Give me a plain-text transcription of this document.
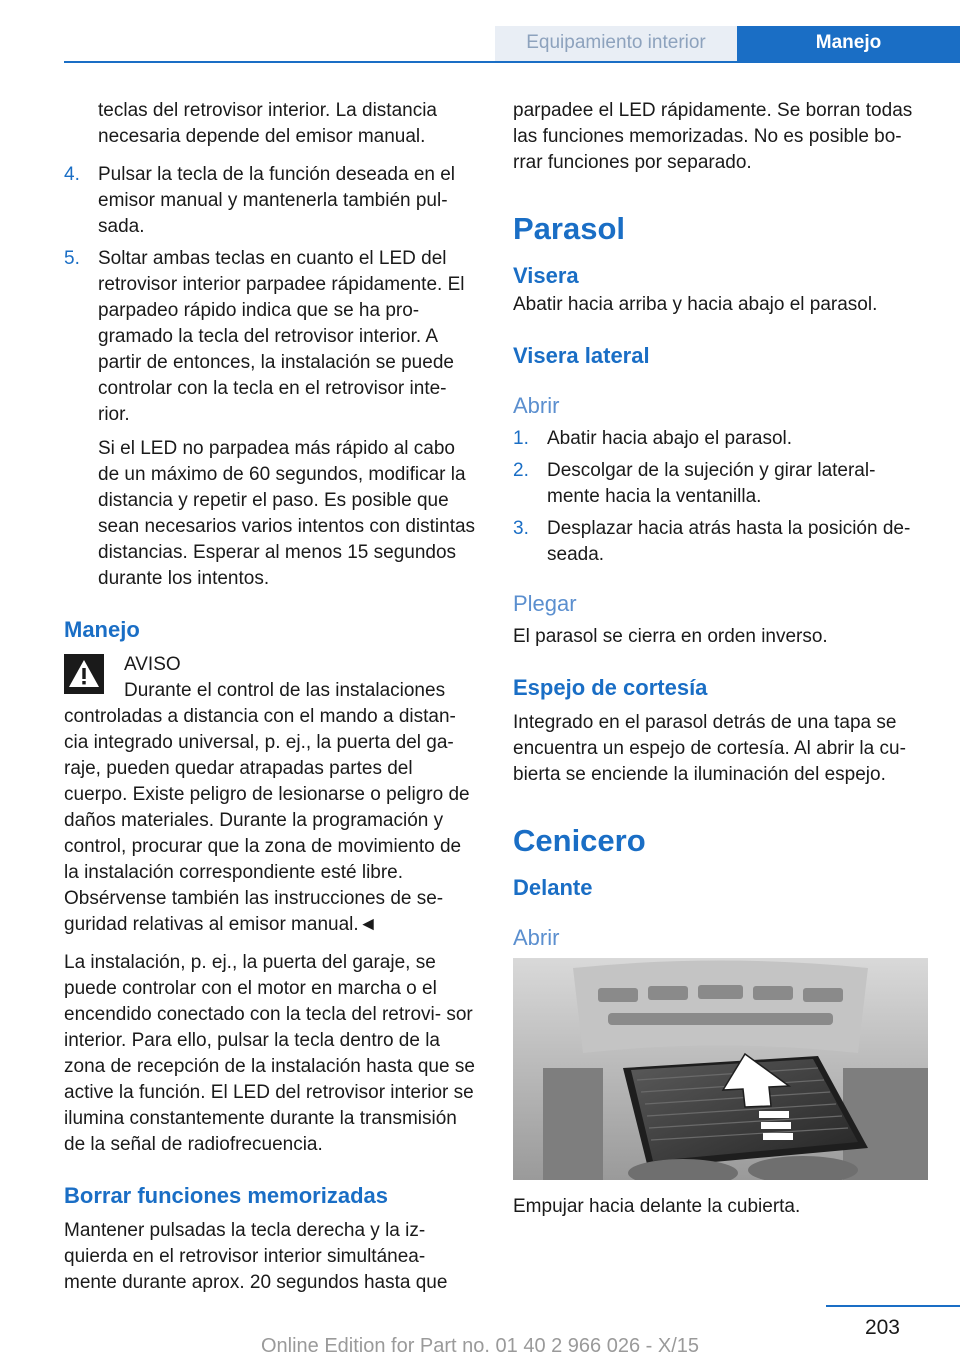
Equipamiento interior	Manejo

teclas del retrovisor interior. La distancia necesaria depende del emisor manual.

4. Pulsar la tecla de la función deseada en el emisor manual y mantenerla también pul- sada.
5. Soltar ambas teclas en cuanto el LED del retrovisor interior parpadee rápidamente. El parpadeo rápido indica que se ha pro- gramado la tecla del retrovisor interior. A partir de entonces, la instalación se puede controlar con la tecla en el retrovisor inte- rior.

Si el LED no parpadea más rápido al cabo de un máximo de 60 segundos, modificar la distancia y repetir el paso. Es posible que sean necesarios varios intentos con distintas distancias. Esperar al menos 15 segundos durante los intentos.

Manejo
AVISO
Durante el control de las instalaciones

controladas a distancia con el mando a distan- cia integrado universal, p. ej., la puerta del ga- raje, pueden quedar atrapadas partes del cuerpo. Existe peligro de lesionarse o peligro de daños materiales. Durante la programación y control, procurar que la zona de movimiento de la instalación correspondiente esté libre. Obsérvense también las instrucciones de se- guridad relativas al emisor manual.◄

La instalación, p. ej., la puerta del garaje, se puede controlar con el motor en marcha o el encendido conectado con la tecla del retrovi- sor interior. Para ello, pulsar la tecla dentro de la zona de recepción de la instalación hasta que se active la función. El LED del retrovisor interior se ilumina constantemente durante la transmisión de la señal de radiofrecuencia.

Borrar funciones memorizadas

Mantener pulsadas la tecla derecha y la iz- quierda en el retrovisor interior simultánea- mente durante aprox. 20 segundos hasta que

parpadee el LED rápidamente. Se borran todas las funciones memorizadas. No es posible bo- rrar funciones por separado.

Parasol
Visera

Abatir hacia arriba y hacia abajo el parasol.

Visera lateral
Abrir
1. Abatir hacia abajo el parasol.
2. Descolgar de la sujeción y girar lateral- mente hacia la ventanilla.
3. Desplazar hacia atrás hasta la posición de- seada.
Plegar

El parasol se cierra en orden inverso.

Espejo de cortesía

Integrado en el parasol detrás de una tapa se encuentra un espejo de cortesía. Al abrir la cu- bierta se enciende la iluminación del espejo.

Cenicero
Delante
Abrir

Empujar hacia delante la cubierta.

203
Online Edition for Part no. 01 40 2 966 026 - X/15
